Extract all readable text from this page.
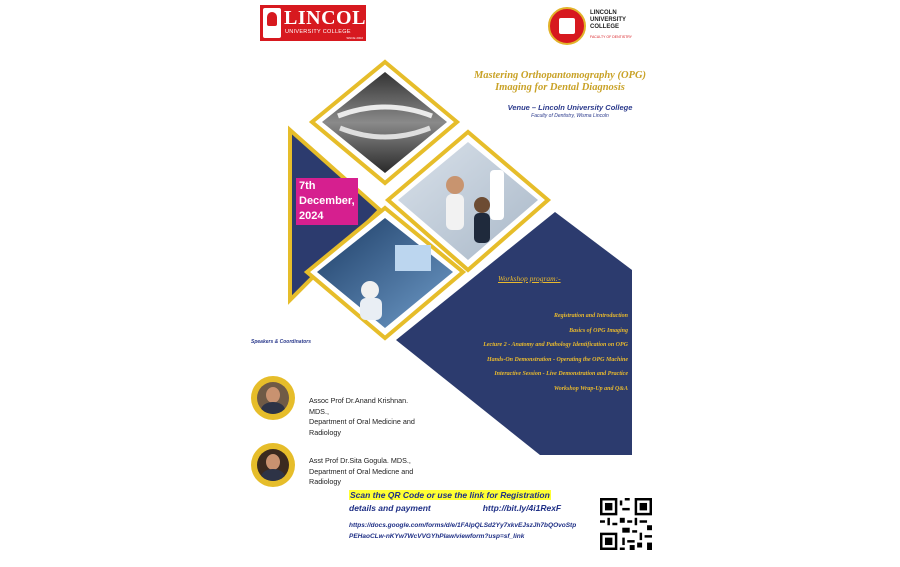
LINCOLN
UNIVERSITY COLLEGE
SINCE 2002
LINCOLN
UNIVERSITY
COLLEGE
FACULTY OF DENTISTRY
Mastering Orthopantomography (OPG)
Imaging for Dental Diagnosis
Venue – Lincoln University College
Faculty of Dentistry, Wisma Lincoln
7th
December,
2024
Workshop program:-
Registration and Introduction
Basics of OPG Imaging
Lecture 2 - Anatomy and Pathology Identification on OPG
Hands-On Demonstration - Operating the OPG Machine
Interactive Session - Live Demonstration and Practice
Workshop Wrap-Up and Q&A
Speakers & Coordinators
Assoc Prof Dr.Anand Krishnan.
MDS.,
Department of Oral Medicine and
Radiology
Asst Prof Dr.Sita Gogula. MDS.,
Department of Oral Medicne and
Radiology
Scan the QR Code or use the link for Registration
details and payment	http://bit.ly/4i1RexF
https://docs.google.com/forms/d/e/1FAIpQLSd2Yy7xkvEJszJh7bQOvoStpPEHaoCLw-nKYw7WcVVGYhPlaw/viewform?usp=sf_link
